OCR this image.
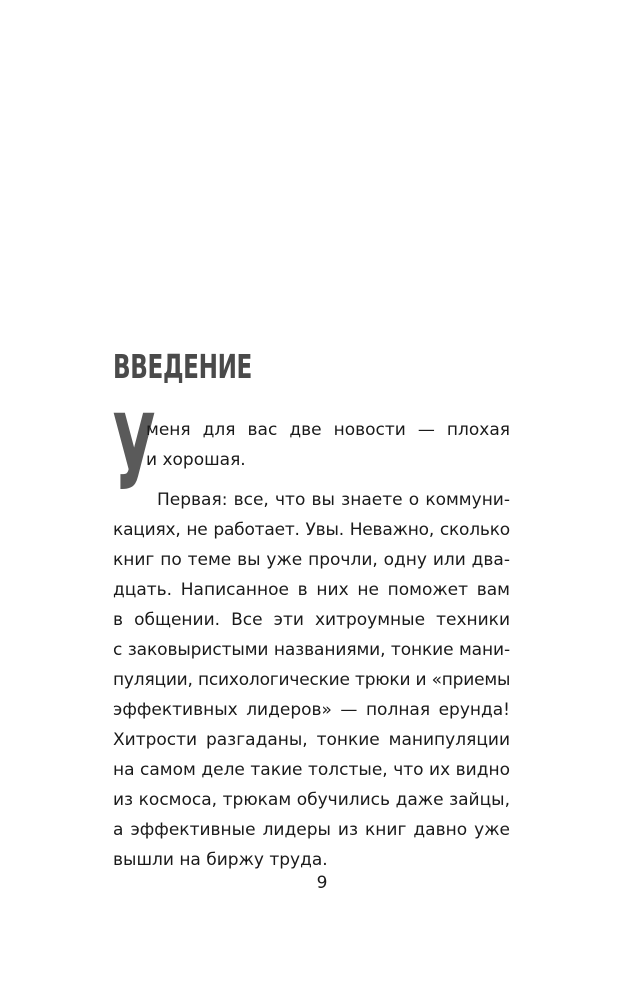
ВВЕДЕНИЕ
У
меня для вас две новости — плохая
и хорошая.
Первая: все, что вы знаете о коммуни-
кациях, не работает. Увы. Неважно, сколько
книг по теме вы уже прочли, одну или два-
дцать. Написанное в них не поможет вам
в общении. Все эти хитроумные техники
с заковыристыми названиями, тонкие мани-
пуляции, психологические трюки и «приемы
эффективных лидеров» — полная ерунда!
Хитрости разгаданы, тонкие манипуляции
на самом деле такие толстые, что их видно
из космоса, трюкам обучились даже зайцы,
а эффективные лидеры из книг давно уже
вышли на биржу труда.
9
